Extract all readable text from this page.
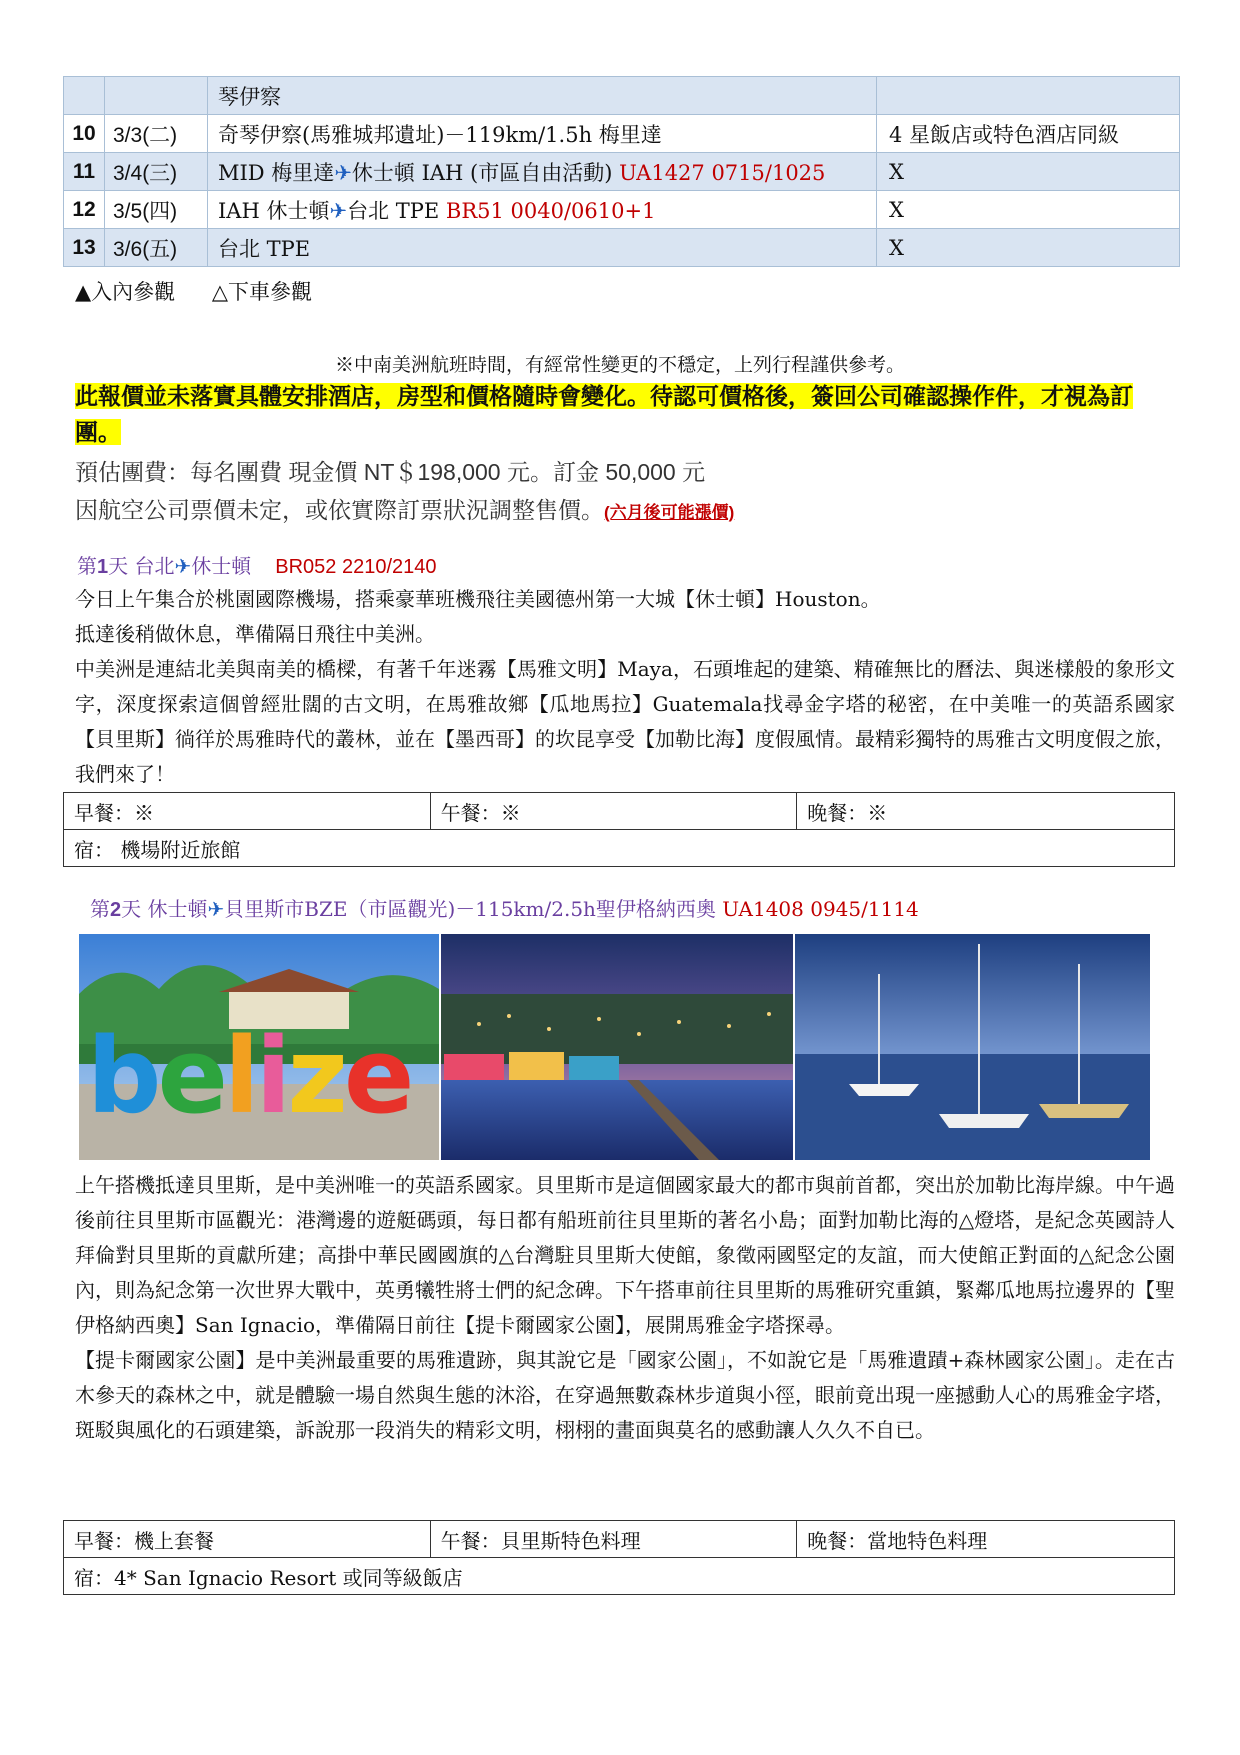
		琴伊察	
10	3/3(二)	奇琴伊察(馬雅城邦遺址)－119km/1.5h 梅里達	4 星飯店或特色酒店同級
11	3/4(三)	MID 梅里達✈休士頓 IAH (市區自由活動) UA1427 0715/1025	X
12	3/5(四)	IAH 休士頓✈台北 TPE BR51 0040/0610+1	X
13	3/6(五)	台北 TPE	X
▲入內參觀 △下車參觀
※中南美洲航班時間，有經常性變更的不穩定，上列行程謹供參考。
此報價並未落實具體安排酒店，房型和價格隨時會變化。待認可價格後，簽回公司確認操作件，才視為訂團。
預估團費：每名團費 現金價 NT＄198,000 元。訂金 50,000 元
因航空公司票價未定，或依實際訂票狀況調整售價。(六月後可能漲價)
第1天 台北✈休士頓 BR052 2210/2140

今日上午集合於桃園國際機場，搭乘豪華班機飛往美國德州第一大城【休士頓】Houston。

抵達後稍做休息，準備隔日飛往中美洲。

中美洲是連結北美與南美的橋樑，有著千年迷霧【馬雅文明】Maya，石頭堆起的建築、精確無比的曆法、與迷樣般的象形文字，深度探索這個曾經壯闊的古文明，在馬雅故鄉【瓜地馬拉】Guatemala找尋金字塔的秘密，在中美唯一的英語系國家【貝里斯】徜徉於馬雅時代的叢林，並在【墨西哥】的坎昆享受【加勒比海】度假風情。最精彩獨特的馬雅古文明度假之旅，我們來了！

早餐：※	午餐：※	晚餐：※
宿： 機場附近旅館
第2天 休士頓✈貝里斯市BZE（市區觀光)－115km/2.5h聖伊格納西奧 UA1408 0945/1114
belize

上午搭機抵達貝里斯，是中美洲唯一的英語系國家。貝里斯市是這個國家最大的都市與前首都，突出於加勒比海岸線。中午過後前往貝里斯市區觀光：港灣邊的遊艇碼頭，每日都有船班前往貝里斯的著名小島；面對加勒比海的△燈塔，是紀念英國詩人拜倫對貝里斯的貢獻所建；高掛中華民國國旗的△台灣駐貝里斯大使館，象徵兩國堅定的友誼，而大使館正對面的△紀念公園內，則為紀念第一次世界大戰中，英勇犧牲將士們的紀念碑。下午搭車前往貝里斯的馬雅研究重鎮，緊鄰瓜地馬拉邊界的【聖伊格納西奧】San Ignacio，準備隔日前往【提卡爾國家公園】，展開馬雅金字塔探尋。

【提卡爾國家公園】是中美洲最重要的馬雅遺跡，與其說它是「國家公園」，不如說它是「馬雅遺蹟+森林國家公園」。走在古木參天的森林之中，就是體驗一場自然與生態的沐浴，在穿過無數森林步道與小徑，眼前竟出現一座撼動人心的馬雅金字塔，斑駁與風化的石頭建築，訴說那一段消失的精彩文明，栩栩的畫面與莫名的感動讓人久久不自已。

早餐：機上套餐	午餐：貝里斯特色料理	晚餐：當地特色料理
宿：4* San Ignacio Resort 或同等級飯店
